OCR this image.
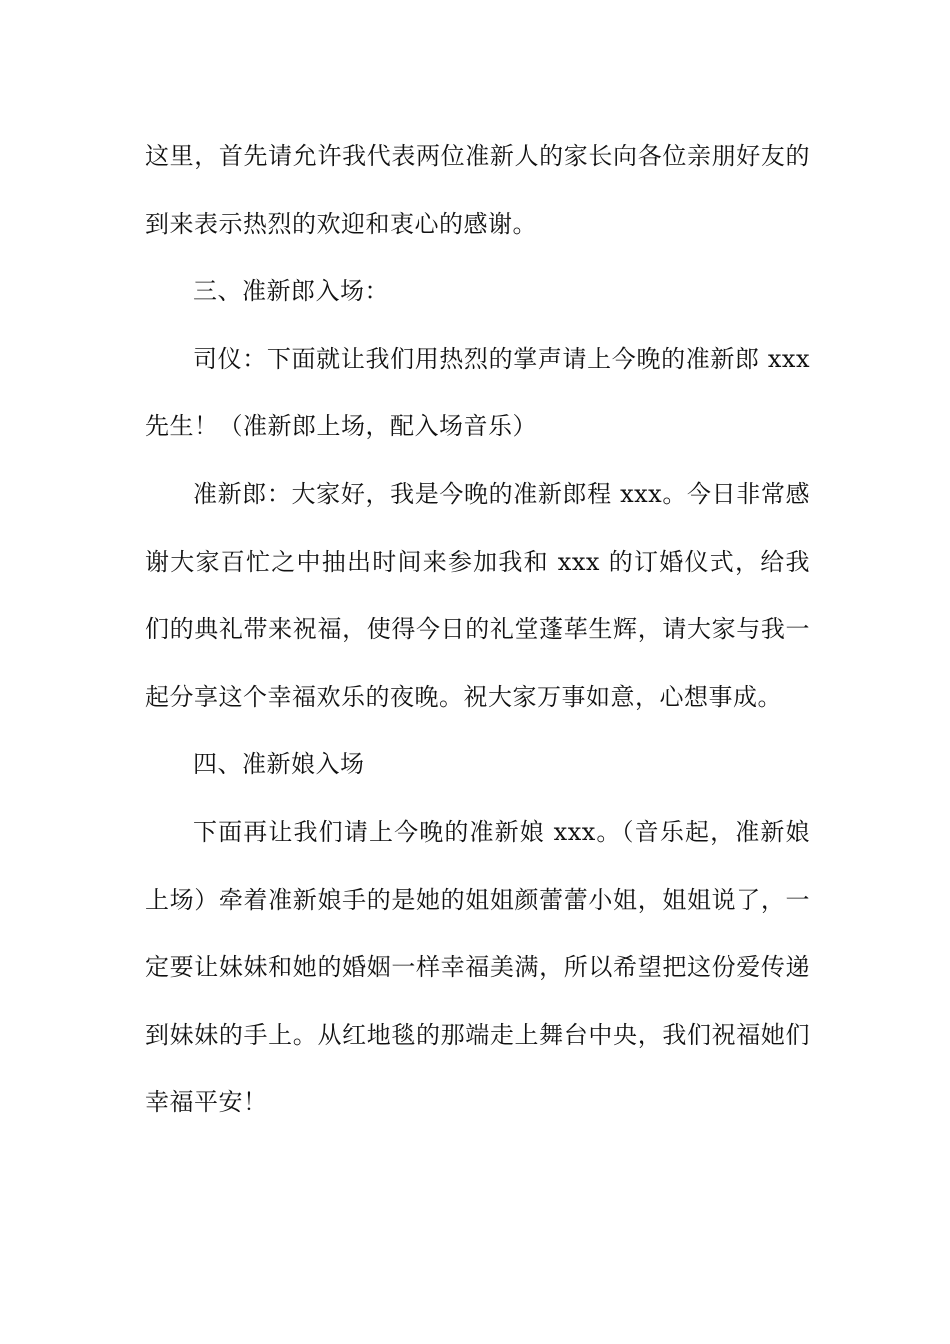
这里，首先请允许我代表两位准新人的家长向各位亲朋好友的到来表示热烈的欢迎和衷心的感谢。

三、准新郎入场：

司仪：下面就让我们用热烈的掌声请上今晚的准新郎 xxx 先生！（准新郎上场，配入场音乐）

准新郎：大家好，我是今晚的准新郎程 xxx。今日非常感谢大家百忙之中抽出时间来参加我和 xxx 的订婚仪式，给我们的典礼带来祝福，使得今日的礼堂蓬荜生辉，请大家与我一起分享这个幸福欢乐的夜晚。祝大家万事如意，心想事成。

四、准新娘入场

下面再让我们请上今晚的准新娘 xxx。（音乐起，准新娘上场）牵着准新娘手的是她的姐姐颜蕾蕾小姐，姐姐说了，一定要让妹妹和她的婚姻一样幸福美满，所以希望把这份爱传递到妹妹的手上。从红地毯的那端走上舞台中央，我们祝福她们幸福平安！
